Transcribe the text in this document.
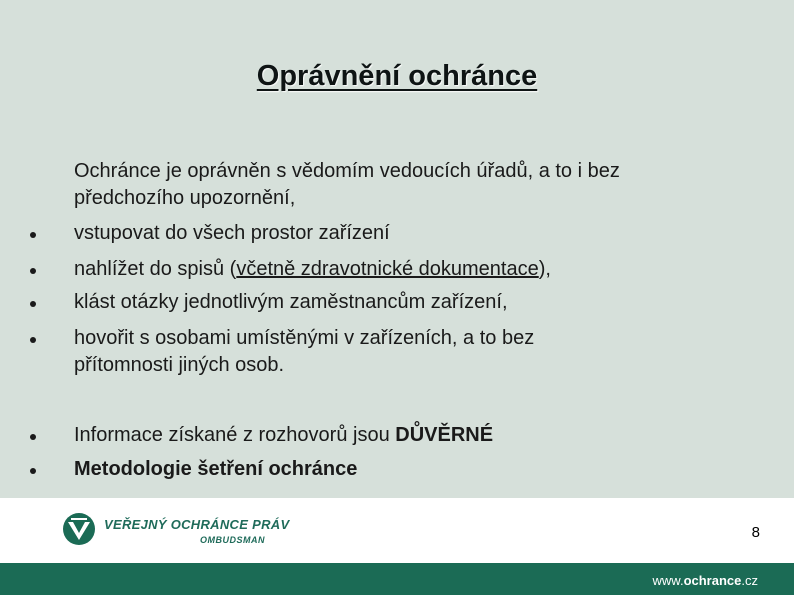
Oprávnění ochránce
Ochránce je oprávněn s vědomím vedoucích úřadů, a to i bez
předchozího upozornění,
vstupovat do všech prostor zařízení
nahlížet do spisů (včetně zdravotnické dokumentace),
klást otázky jednotlivým zaměstnancům zařízení,
hovořit s osobami umístěnými v zařízeních, a to bez
přítomnosti jiných osob.
Informace získané z rozhovorů jsou DŮVĚRNÉ
Metodologie šetření ochránce
VEŘEJNÝ OCHRÁNCE PRÁV
OMBUDSMAN	8
www.ochrance.cz
